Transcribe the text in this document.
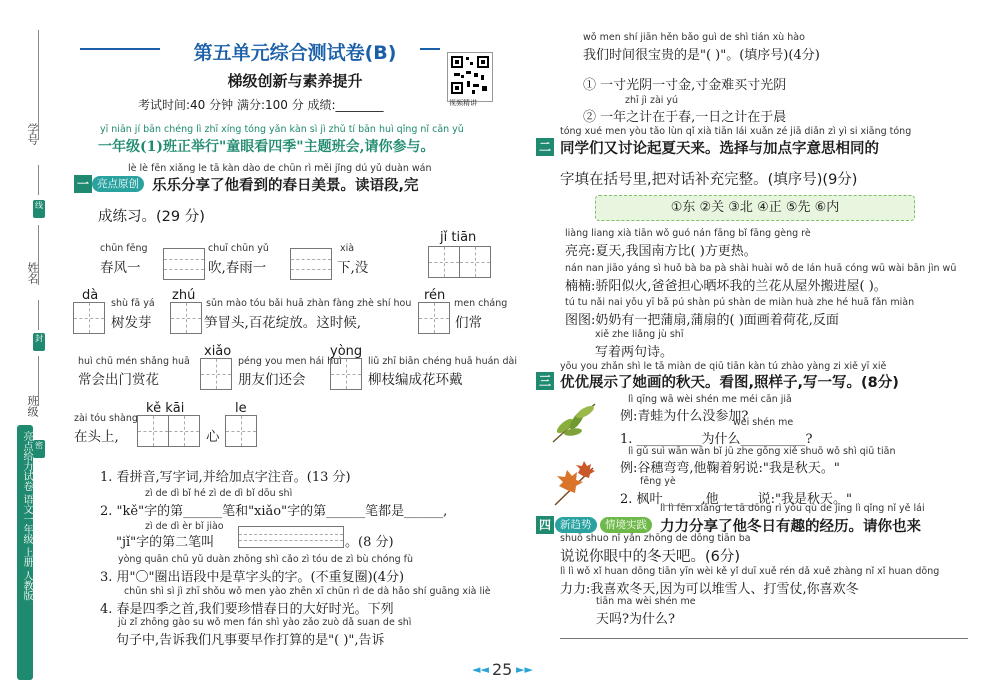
学号
线
姓名
封
班级
密
亮点给力试卷 语文一年级 上册 人教版
第五单元综合测试卷(B)
梯级创新与素养提升
考试时间:40 分钟 满分:100 分 成绩:________	视频精讲
yī niān jí bān chéng lì zhī xíng tóng yǎn kàn sì jì zhǔ tí bān huì qǐng nǐ cān yǔ
一年级(1)班正举行"童眼看四季"主题班会,请你参与。
lè lè fēn xiǎng le tā kàn dào de chūn rì měi jǐng dú yǔ duàn wán
一 亮点原创 乐乐分享了他看到的春日美景。读语段,完
成练习。(29 分)
chūn fēng
春风一
chuī chūn yǔ
吹,春雨一
xià
下,没
jǐ tiān
dà
shù fā yá
树发芽
zhú
sǔn mào tóu bǎi huā zhàn fàng zhè shí hou
笋冒头,百花绽放。这时候,
rén
men cháng
们常
huì chū mén shǎng huā
常会出门赏花
xiǎo
péng you men hái huì
朋友们还会
yòng
liǔ zhī biān chéng huā huán dài
柳枝编成花环戴
zài tóu shàng
在头上,
kě kāi
心
le
1. 看拼音,写字词,并给加点字注音。(13 分)
zì de dì bǐ hé zì de dì bǐ dōu shì
2. "kě"字的第______笔和"xiǎo"字的第______笔都是______,
zì de dì èr bǐ jiào
"jǐ"字的第二笔叫	。(8 分)
yòng quān chū yǔ duàn zhōng shì cǎo zì tóu de zì bù chóng fù
3. 用"〇"圈出语段中是草字头的字。(不重复圈)(4分)
chūn shì sì jì zhī shǒu wǒ men yào zhēn xī chūn rì de dà hǎo shí guāng xià liè
4. 春是四季之首,我们要珍惜春日的大好时光。下列
jù zǐ zhōng gào su wǒ men fán shì yào zǎo zuò dǎ suan de shì
句子中,告诉我们凡事要早作打算的是"( )",告诉
wǒ men shí jiān hěn bǎo guì de shì tián xù hào
我们时间很宝贵的是"( )"。(填序号)(4分)
① 一寸光阴一寸金,寸金难买寸光阴
zhī jì zài yú
② 一年之计在于春,一日之计在于晨
tóng xué men yòu tǎo lùn qǐ xià tiān lái xuǎn zé jiā diǎn zì yì si xiāng tóng
二 同学们又讨论起夏天来。选择与加点字意思相同的
字填在括号里,把对话补充完整。(填序号)(9分)
①东 ②关 ③北 ④正 ⑤先 ⑥内
liàng liang xià tiān wǒ guó nán fāng bǐ fāng gèng rè
亮亮:夏天,我国南方比( )方更热。
nán nan jiāo yáng sì huǒ bà ba pà shài huài wǒ de lán huā cóng wū wài bān jìn wū
楠楠:骄阳似火,爸爸担心晒坏我的兰花从屋外搬进屋( )。
tú tu nǎi nai yǒu yī bǎ pú shàn pú shàn de miàn huà zhe hé huā fǎn miàn
图图:奶奶有一把蒲扇,蒲扇的( )面画着荷花,反面
xiě zhe liǎng jù shī
写着两句诗。
yōu you zhǎn shì le tā miàn de qiū tiān kàn tú zhào yàng zi xiě yī xiě
三 优优展示了她画的秋天。看图,照样子,写一写。(8分)
lì qīng wā wèi shén me méi cān jiā
例:青蛙为什么没参加?
wèi shén me
1. __________为什么__________?
lì gǔ suì wān wān bǐ jū zhe gōng xiě shuō wǒ shì qiū tiān
例:谷穗弯弯,他鞠着躬说:"我是秋天。"
fēng yè
2. 枫叶______,他______说:"我是秋天。"
四 新趋势	情境实践
lì lì fēn xiǎng le tā dōng rì yǒu qù de jīng lì qǐng nǐ yě lái
力力分享了他冬日有趣的经历。请你也来
shuō shuo nǐ yǎn zhōng de dōng tiān ba
说说你眼中的冬天吧。(6分)
lì lì wǒ xǐ huan dōng tiān yīn wèi kě yǐ duī xuě rén dǎ xuě zhàng nǐ xǐ huan dōng
力力:我喜欢冬天,因为可以堆雪人、打雪仗,你喜欢冬
tiān ma wèi shén me
天吗?为什么?
◄◄ 25 ►►
